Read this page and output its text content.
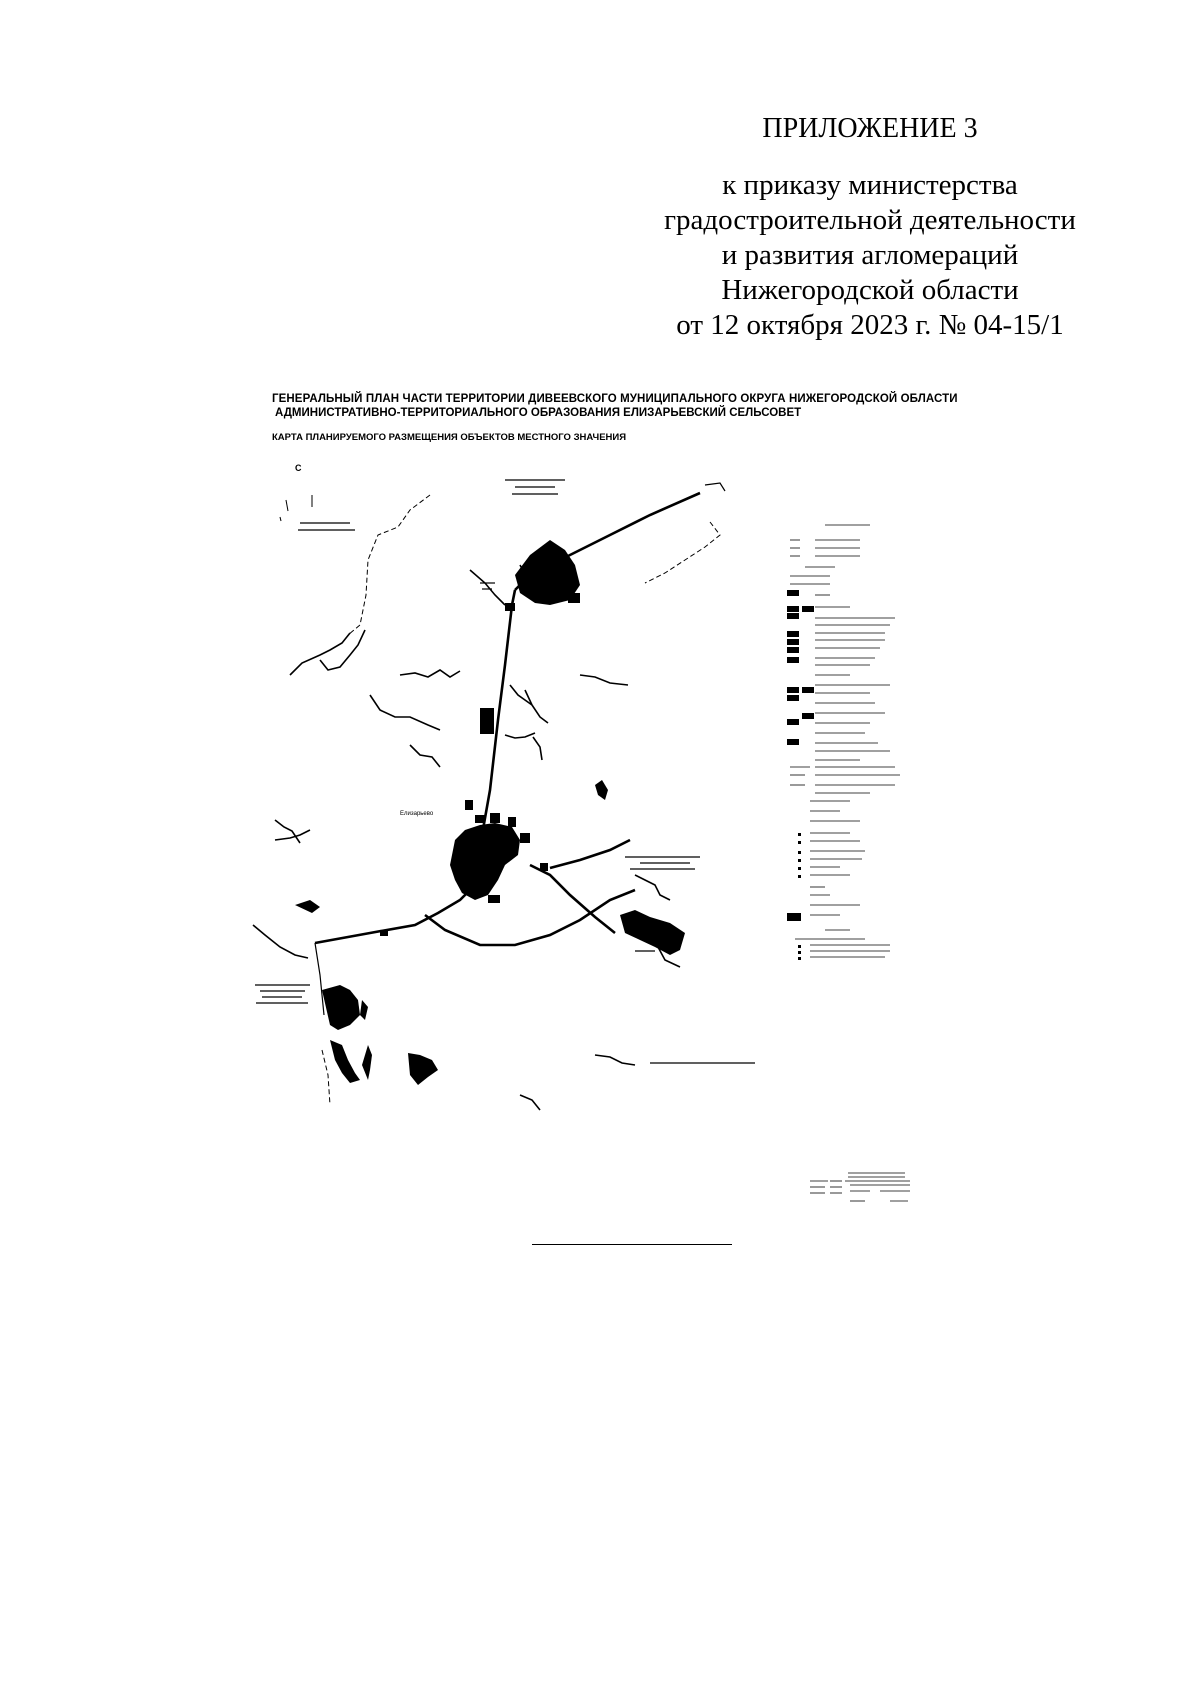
ПРИЛОЖЕНИЕ 3
к приказу министерства
градостроительной деятельности
и развития агломераций
Нижегородской области
от 12 октября 2023 г. № 04-15/1
ГЕНЕРАЛЬНЫЙ ПЛАН ЧАСТИ ТЕРРИТОРИИ ДИВЕЕВСКОГО МУНИЦИПАЛЬНОГО ОКРУГА НИЖЕГОРОДСКОЙ ОБЛАСТИ
АДМИНИСТРАТИВНО-ТЕРРИТОРИАЛЬНОГО ОБРАЗОВАНИЯ ЕЛИЗАРЬЕВСКИЙ СЕЛЬСОВЕТ
КАРТА ПЛАНИРУЕМОГО РАЗМЕЩЕНИЯ ОБЪЕКТОВ МЕСТНОГО ЗНАЧЕНИЯ
С
Елизарьево
